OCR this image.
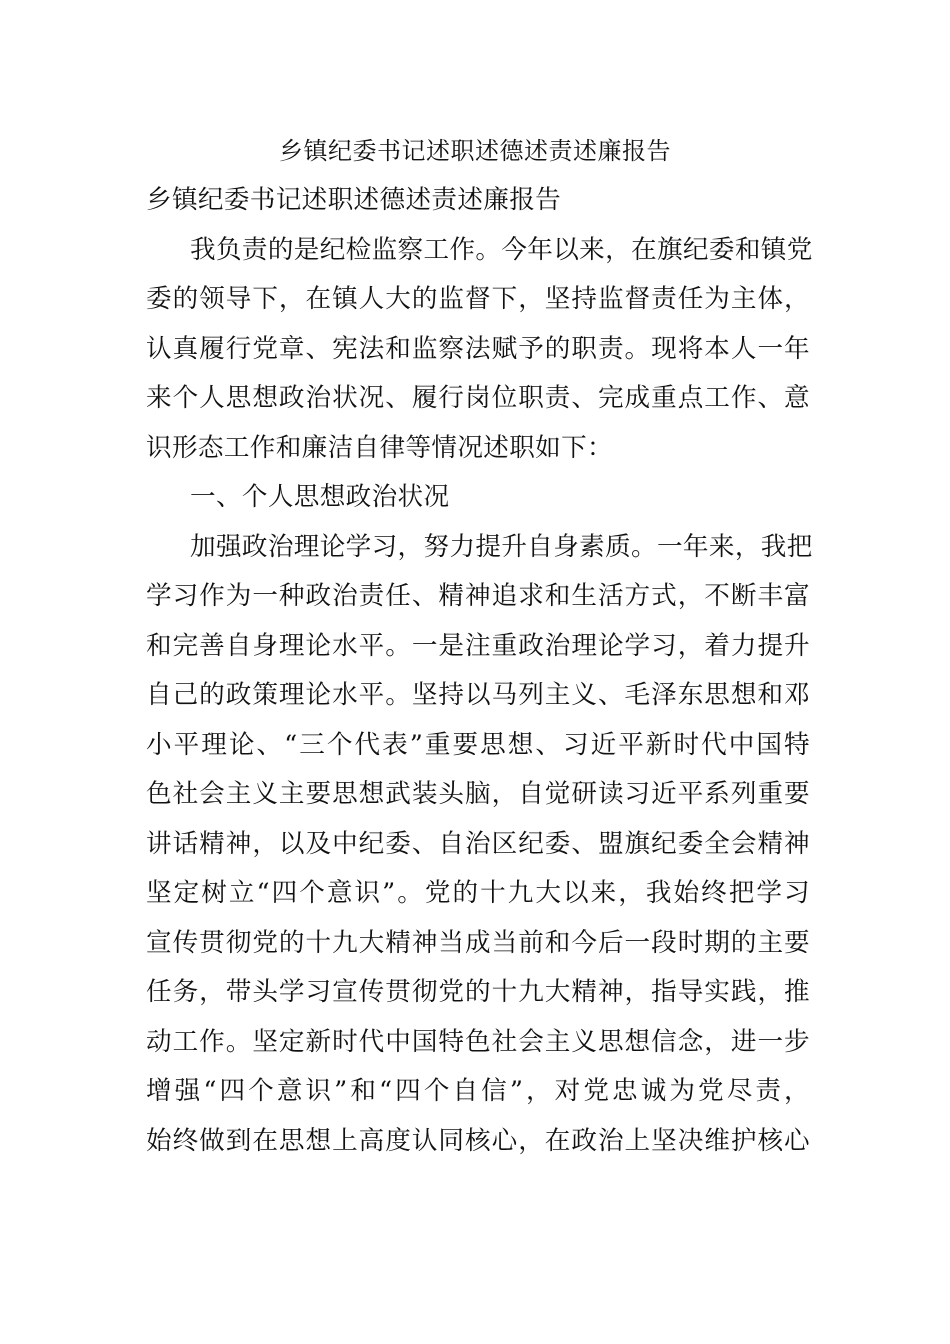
乡镇纪委书记述职述德述责述廉报告
乡镇纪委书记述职述德述责述廉报告
我负责的是纪检监察工作。今年以来，在旗纪委和镇党
委的领导下，在镇人大的监督下，坚持监督责任为主体，
认真履行党章、宪法和监察法赋予的职责。现将本人一年
来个人思想政治状况、履行岗位职责、完成重点工作、意
识形态工作和廉洁自律等情况述职如下：
一、个人思想政治状况
加强政治理论学习，努力提升自身素质。一年来，我把
学习作为一种政治责任、精神追求和生活方式，不断丰富
和完善自身理论水平。一是注重政治理论学习，着力提升
自己的政策理论水平。坚持以马列主义、毛泽东思想和邓
小平理论、“三个代表”重要思想、习近平新时代中国特
色社会主义主要思想武装头脑，自觉研读习近平系列重要
讲话精神，以及中纪委、自治区纪委、盟旗纪委全会精神
坚定树立“四个意识”。党的十九大以来，我始终把学习
宣传贯彻党的十九大精神当成当前和今后一段时期的主要
任务，带头学习宣传贯彻党的十九大精神，指导实践，推
动工作。坚定新时代中国特色社会主义思想信念，进一步
增强“四个意识”和“四个自信”，对党忠诚为党尽责，
始终做到在思想上高度认同核心，在政治上坚决维护核心
